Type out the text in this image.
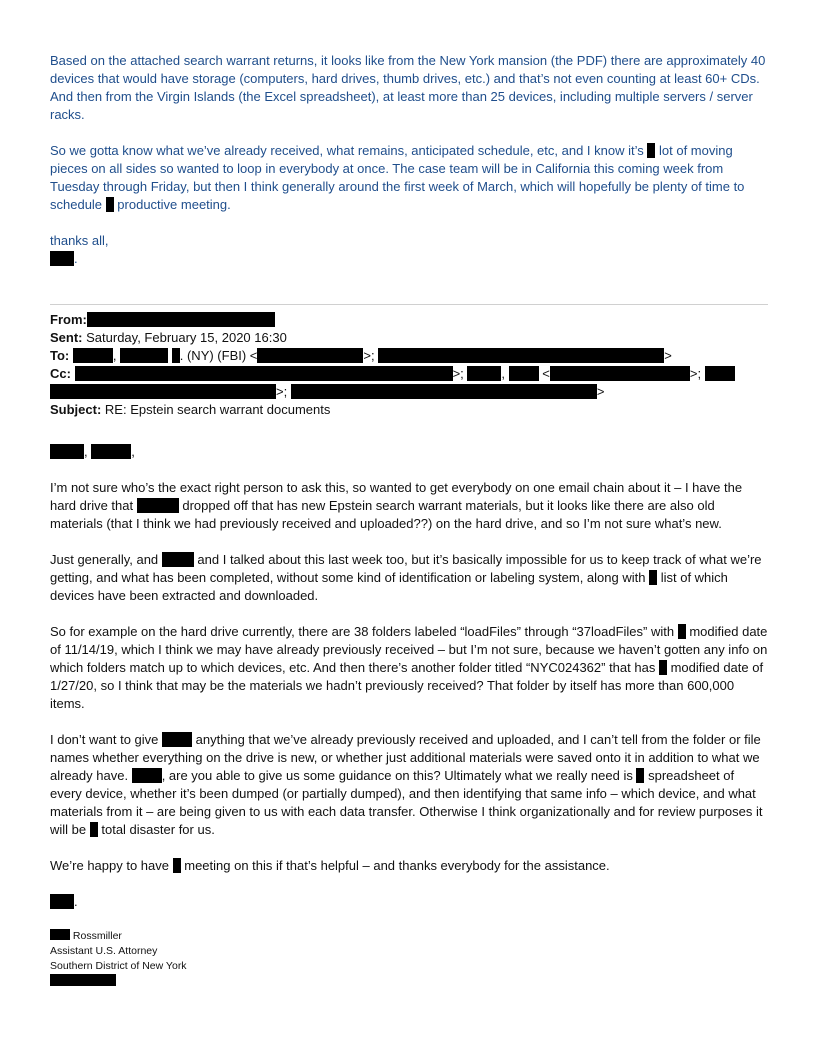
Based on the attached search warrant returns, it looks like from the New York mansion (the PDF) there are approximately 40 devices that would have storage (computers, hard drives, thumb drives, etc.) and that’s not even counting at least 60+ CDs. And then from the Virgin Islands (the Excel spreadsheet), at least more than 25 devices, including multiple servers / server racks.

So we gotta know what we’ve already received, what remains, anticipated schedule, etc, and I know it’s lot of moving pieces on all sides so wanted to loop in everybody at once. The case team will be in California this coming week from Tuesday through Friday, but then I think generally around the first week of March, which will hopefully be plenty of time to schedule productive meeting.

thanks all,

.

From:

Sent: Saturday, February 15, 2020 16:30

To:	,	. (NY) (FBI) <	>;	>

Cc:	>;	,	<	>;

>;	>

Subject: RE: Epstein search warrant documents

,	,

I’m not sure who’s the exact right person to ask this, so wanted to get everybody on one email chain about it – I have the hard drive that	dropped off that has new Epstein search warrant materials, but it looks like there are also old materials (that I think we had previously received and uploaded??) on the hard drive, and so I’m not sure what’s new.

Just generally, and	and I talked about this last week too, but it’s basically impossible for us to keep track of what we’re getting, and what has been completed, without some kind of identification or labeling system, along with list of which devices have been extracted and downloaded.

So for example on the hard drive currently, there are 38 folders labeled “loadFiles” through “37loadFiles” with modified date of 11/14/19, which I think we may have already previously received – but I’m not sure, because we haven’t gotten any info on which folders match up to which devices, etc. And then there’s another folder titled “NYC024362” that has modified date of 1/27/20, so I think that may be the materials we hadn’t previously received? That folder by itself has more than 600,000 items.

I don’t want to give	anything that we’ve already previously received and uploaded, and I can’t tell from the folder or file names whether everything on the drive is new, or whether just additional materials were saved onto it in addition to what we already have.	, are you able to give us some guidance on this? Ultimately what we really need is spreadsheet of every device, whether it’s been dumped (or partially dumped), and then identifying that same info – which device, and what materials from it – are being given to us with each data transfer. Otherwise I think organizationally and for review purposes it will be total disaster for us.

We’re happy to have meeting on this if that’s helpful – and thanks everybody for the assistance.

.

Rossmiller
Assistant U.S. Attorney
Southern District of New York
